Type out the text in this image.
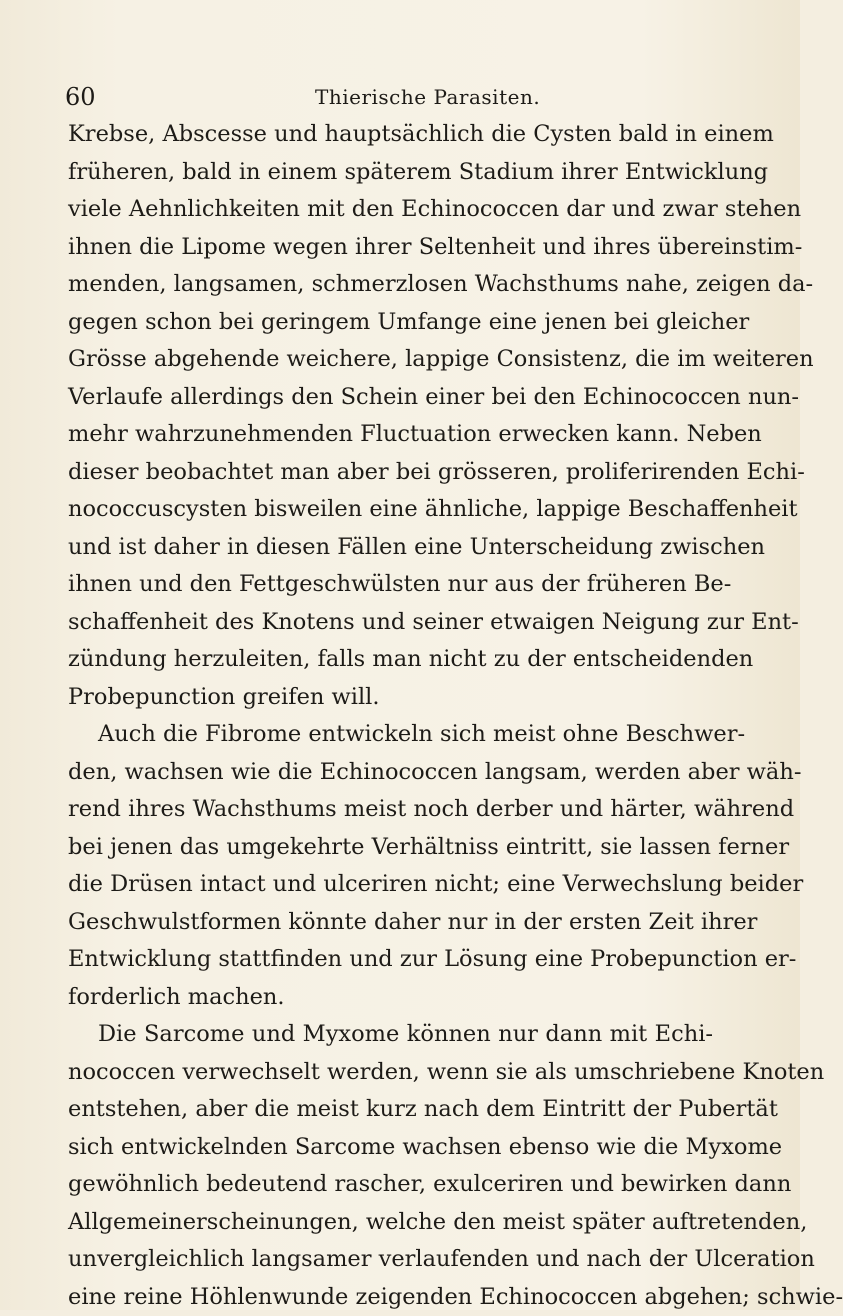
60	Thierische Parasiten.
Krebse, Abscesse und hauptsächlich die Cysten bald in einem
früheren, bald in einem späterem Stadium ihrer Entwicklung
viele Aehnlichkeiten mit den Echinococcen dar und zwar stehen
ihnen die Lipome wegen ihrer Seltenheit und ihres übereinstim-
menden, langsamen, schmerzlosen Wachsthums nahe, zeigen da-
gegen schon bei geringem Umfange eine jenen bei gleicher
Grösse abgehende weichere, lappige Consistenz, die im weiteren
Verlaufe allerdings den Schein einer bei den Echinococcen nun-
mehr wahrzunehmenden Fluctuation erwecken kann. Neben
dieser beobachtet man aber bei grösseren, proliferirenden Echi-
nococcuscysten bisweilen eine ähnliche, lappige Beschaffenheit
und ist daher in diesen Fällen eine Unterscheidung zwischen
ihnen und den Fettgeschwülsten nur aus der früheren Be-
schaffenheit des Knotens und seiner etwaigen Neigung zur Ent-
zündung herzuleiten, falls man nicht zu der entscheidenden
Probepunction greifen will.
Auch die Fibrome entwickeln sich meist ohne Beschwer-
den, wachsen wie die Echinococcen langsam, werden aber wäh-
rend ihres Wachsthums meist noch derber und härter, während
bei jenen das umgekehrte Verhältniss eintritt, sie lassen ferner
die Drüsen intact und ulceriren nicht; eine Verwechslung beider
Geschwulstformen könnte daher nur in der ersten Zeit ihrer
Entwicklung stattfinden und zur Lösung eine Probepunction er-
forderlich machen.
Die Sarcome und Myxome können nur dann mit Echi-
nococcen verwechselt werden, wenn sie als umschriebene Knoten
entstehen, aber die meist kurz nach dem Eintritt der Pubertät
sich entwickelnden Sarcome wachsen ebenso wie die Myxome
gewöhnlich bedeutend rascher, exulceriren und bewirken dann
Allgemeinerscheinungen, welche den meist später auftretenden,
unvergleichlich langsamer verlaufenden und nach der Ulceration
eine reine Höhlenwunde zeigenden Echinococcen abgehen; schwie-
